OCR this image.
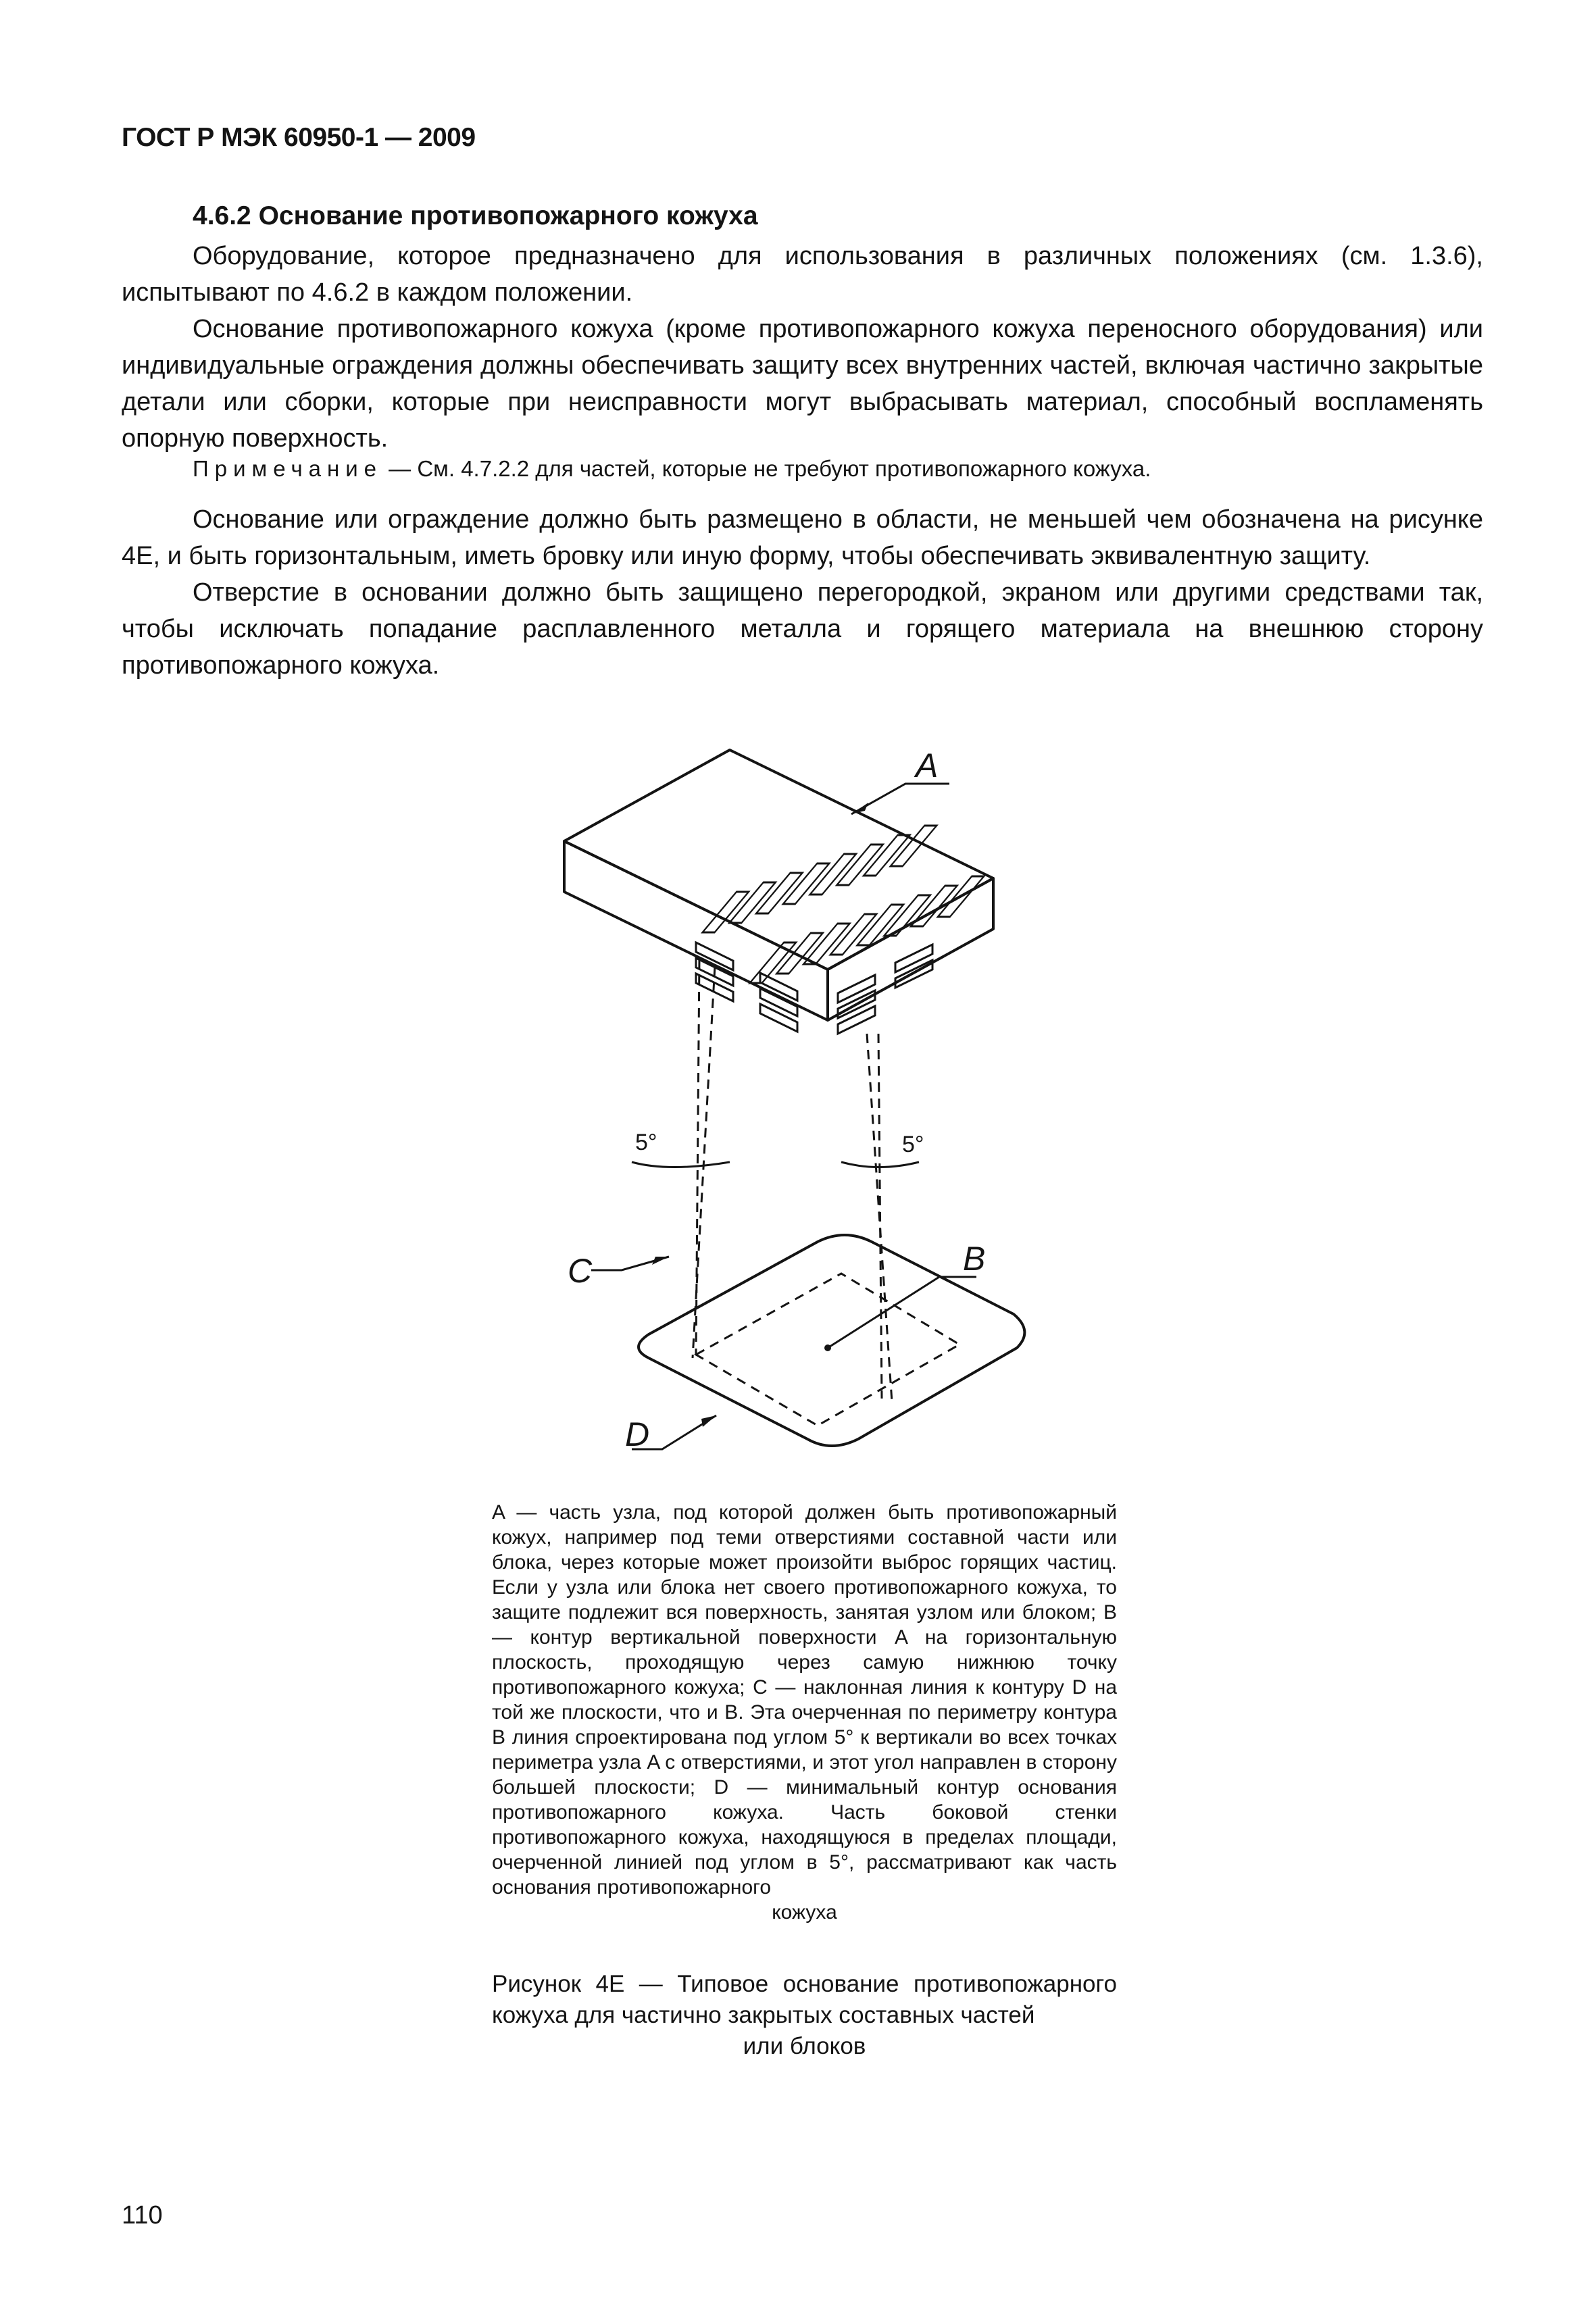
ГОСТ Р МЭК 60950-1 — 2009
4.6.2 Основание противопожарного кожуха

Оборудование, которое предназначено для использования в различных положениях (см. 1.3.6), испытывают по 4.6.2 в каждом положении.

Основание противопожарного кожуха (кроме противопожарного кожуха переносного оборудования) или индивидуальные ограждения должны обеспечивать защиту всех внутренних частей, включая частично закрытые детали или сборки, которые при неисправности могут выбрасывать материал, способный воспламенять опорную поверхность.

Примечание — См. 4.7.2.2 для частей, которые не требуют противопожарного кожуха.

Основание или ограждение должно быть размещено в области, не меньшей чем обозначена на рисунке 4Е, и быть горизонтальным, иметь бровку или иную форму, чтобы обеспечивать эквивалентную защиту.

Отверстие в основании должно быть защищено перегородкой, экраном или другими средствами так, чтобы исключать попадание расплавленного металла и горящего материала на внешнюю сторону противопожарного кожуха.

A
B
C
D
5°	5°
A — часть узла, под которой должен быть противопожарный кожух, например под теми отверстиями составной части или блока, через которые может произойти выброс горящих частиц. Если у узла или блока нет своего противопожарного кожуха, то защите подлежит вся поверхность, занятая узлом или блоком; B — контур вертикальной поверхности A на горизонтальную плоскость, проходящую через самую нижнюю точку противопожарного кожуха; C — наклонная линия к контуру D на той же плоскости, что и B. Эта очерченная по периметру контура B линия спроектирована под углом 5° к вертикали во всех точках периметра узла A с отверстиями, и этот угол направлен в сторону большей плоскости; D — минимальный контур основания противопожарного кожуха. Часть боковой стенки противопожарного кожуха, находящуюся в пределах площади, очерченной линией под углом в 5°, рассматривают как часть основания противопожарного
кожуха
Рисунок 4Е — Типовое основание противопожарного кожуха для частично закрытых составных частей
или блоков
110
